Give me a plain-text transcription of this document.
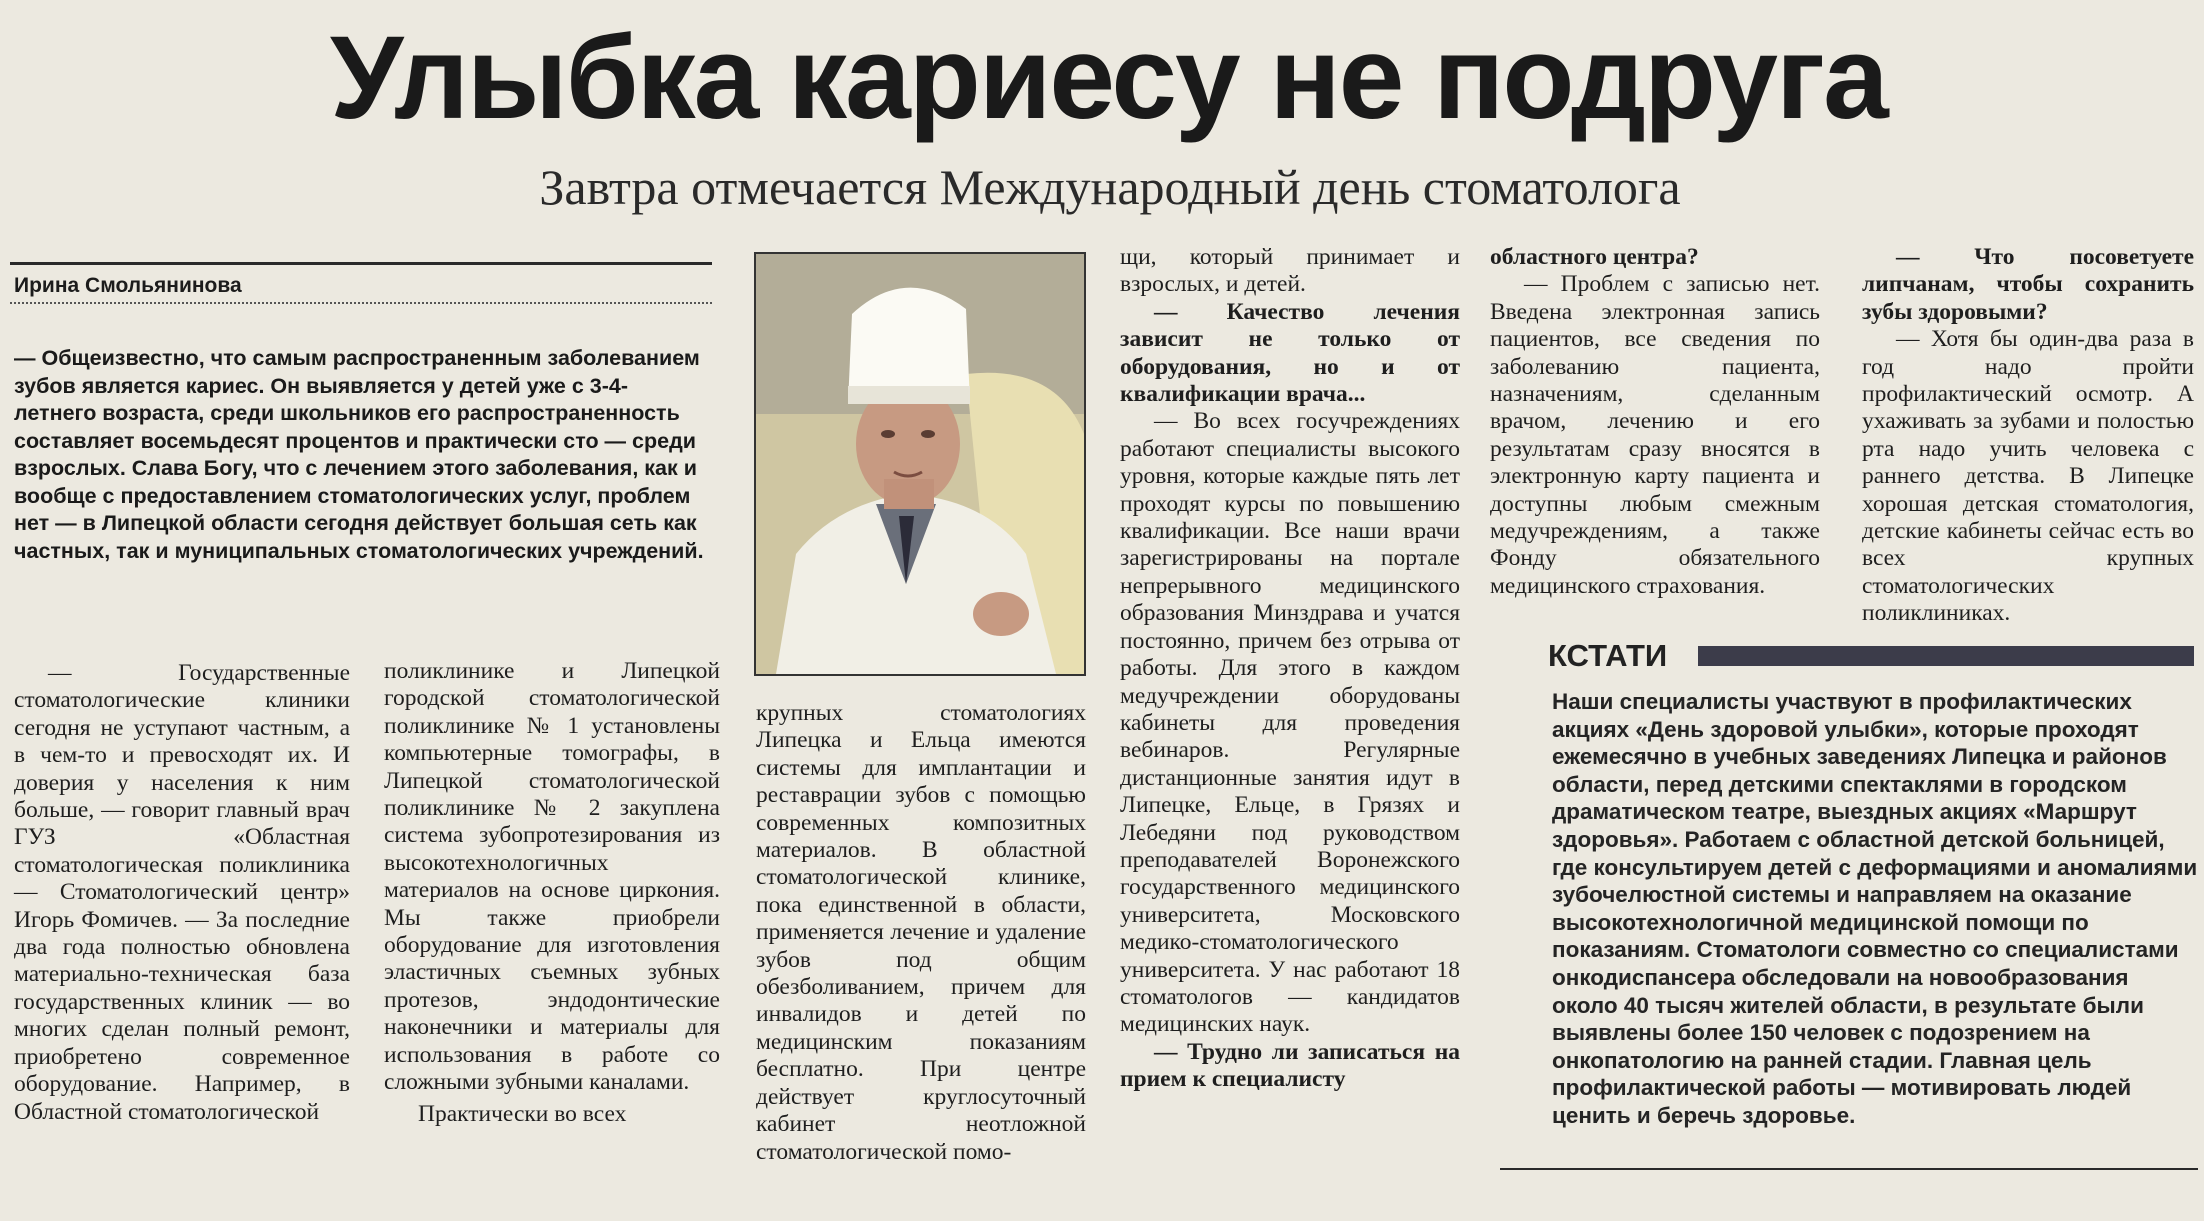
Улыбка кариесу не подруга
Завтра отмечается Международный день стоматолога
Ирина Смольянинова
— Общеизвестно, что самым распространенным заболеванием зубов является кариес. Он выявляется у детей уже с 3-4-летнего возраста, среди школьников его распространенность составляет восемьдесят процентов и практически сто — среди взрослых. Слава Богу, что с лечением этого заболевания, как и вообще с предоставлением стоматологических услуг, проблем нет — в Липецкой области сегодня действует большая сеть как частных, так и муниципальных стоматологических учреждений.

— Государственные стоматологические клиники сегодня не уступают частным, а в чем-то и превосходят их. И доверия у населения к ним больше, — говорит главный врач ГУЗ «Областная стоматологическая поликлиника — Стоматологический центр» Игорь Фомичев. — За последние два года полностью обновлена материально-техническая база государственных клиник — во многих сделан полный ремонт, приобретено современное оборудование. Например, в Областной стоматологической

поликлинике и Липецкой городской стоматологической поликлинике № 1 установлены компьютерные томографы, в Липецкой стоматологической поликлинике № 2 закуплена система зубопротезирования из высокотехнологичных материалов на основе циркония. Мы также приобрели оборудование для изготовления эластичных съемных зубных протезов, эндодонтические наконечники и материалы для использования в работе со сложными зубными каналами.

Практически во всех

крупных стоматологиях Липецка и Ельца имеются системы для имплантации и реставрации зубов с помощью современных композитных материалов. В областной стоматологической клинике, пока единственной в области, применяется лечение и удаление зубов под общим обезболиванием, причем для инвалидов и детей по медицинским показаниям бесплатно. При центре действует круглосуточный кабинет неотложной стоматологической помо-

щи, который принимает и взрослых, и детей.

— Качество лечения зависит не только от оборудования, но и от квалификации врача...

— Во всех госучреждениях работают специалисты высокого уровня, которые каждые пять лет проходят курсы по повышению квалификации. Все наши врачи зарегистрированы на портале непрерывного медицинского образования Минздрава и учатся постоянно, причем без отрыва от работы. Для этого в каждом медучреждении оборудованы кабинеты для проведения вебинаров. Регулярные дистанционные занятия идут в Липецке, Ельце, в Грязях и Лебедяни под руководством преподавателей Воронежского государственного медицинского университета, Московского медико-стоматологического университета. У нас работают 18 стоматологов — кандидатов медицинских наук.

— Трудно ли записаться на прием к специалисту

областного центра?

— Проблем с записью нет. Введена электронная запись пациентов, все сведения по заболеванию пациента, назначениям, сделанным врачом, лечению и его результатам сразу вносятся в электронную карту пациента и доступны любым смежным медучреждениям, а также Фонду обязательного медицинского страхования.

— Что посоветуете липчанам, чтобы сохранить зубы здоровыми?

— Хотя бы один-два раза в год надо пройти профилактический осмотр. А ухаживать за зубами и полостью рта надо учить человека с раннего детства. В Липецке хорошая детская стоматология, детские кабинеты сейчас есть во всех крупных стоматологических поликлиниках.

КСТАТИ
Наши специалисты участвуют в профилактических акциях «День здоровой улыбки», которые проходят ежемесячно в учебных заведениях Липецка и районов области, перед детскими спектаклями в городском драматическом театре, выездных акциях «Маршрут здоровья». Работаем с областной детской больницей, где консультируем детей с деформациями и аномалиями зубочелюстной системы и направляем на оказание высокотехнологичной медицинской помощи по показаниям. Стоматологи совместно со специалистами онкодиспансера обследовали на новообразования около 40 тысяч жителей области, в результате были выявлены более 150 человек с подозрением на онкопатологию на ранней стадии. Главная цель профилактической работы — мотивировать людей ценить и беречь здоровье.
